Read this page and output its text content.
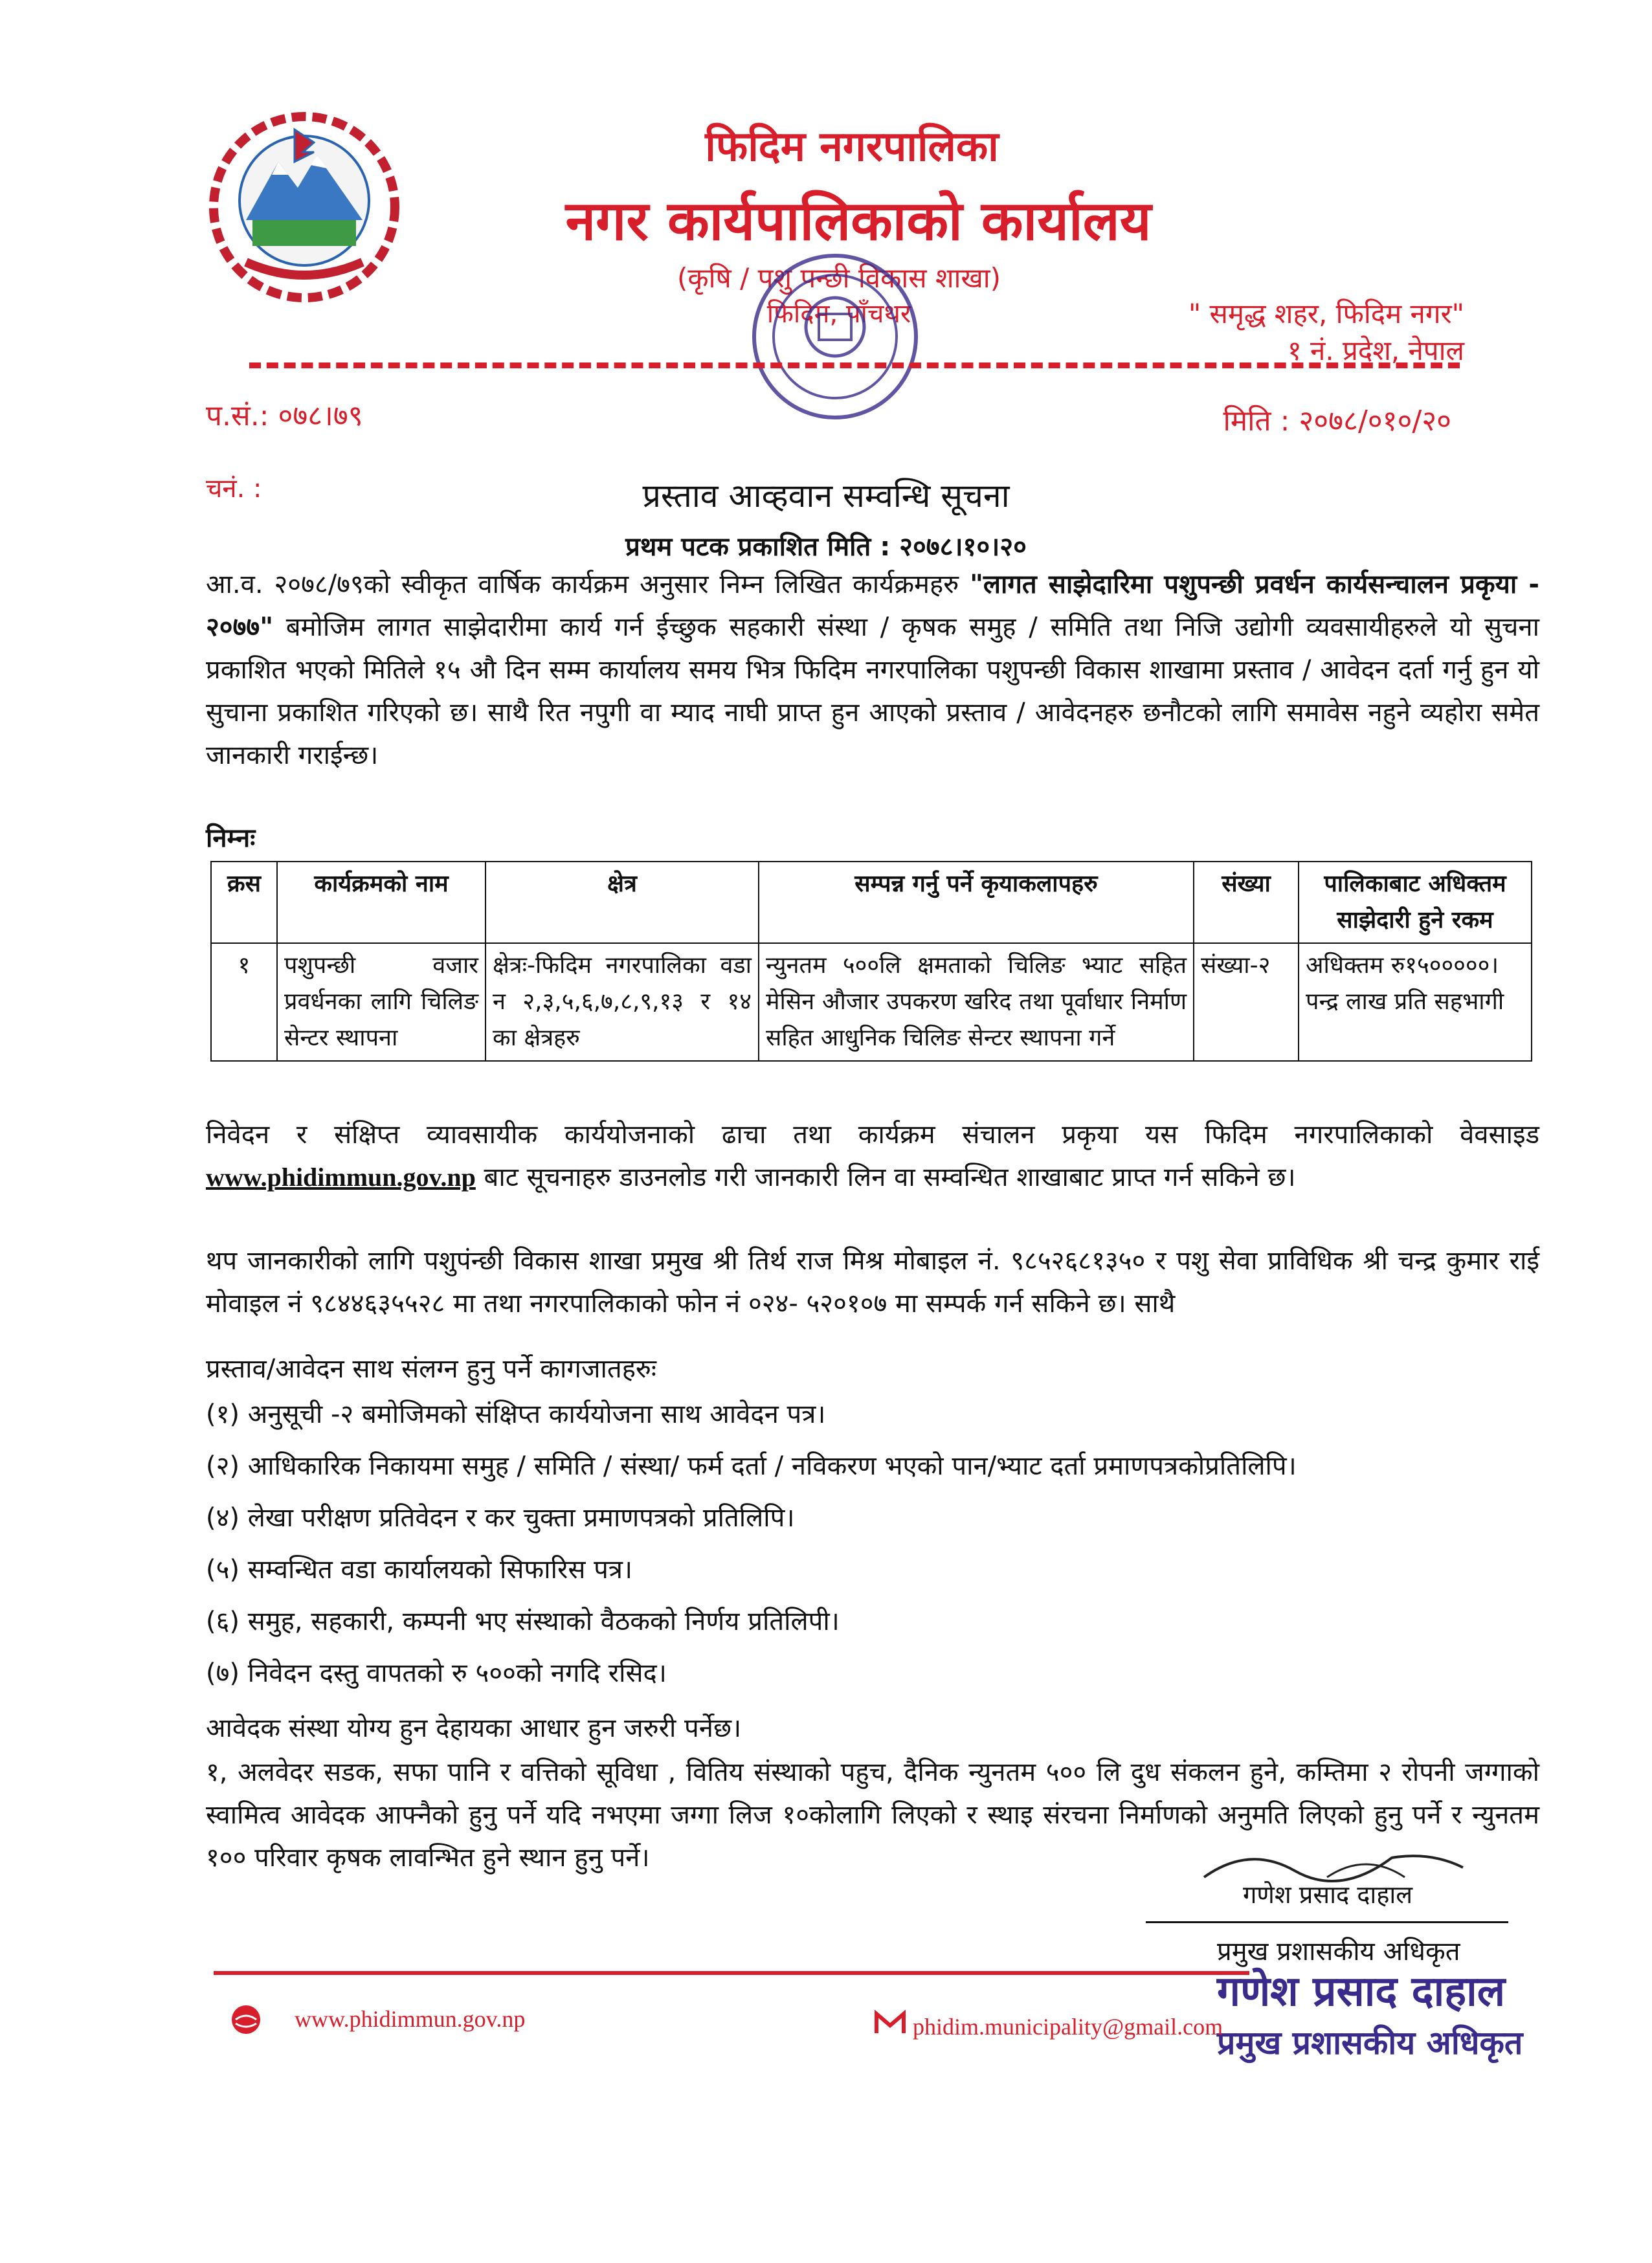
फिदिम नगरपालिका
नगर कार्यपालिकाको कार्यालय
(कृषि / पशु पन्छी विकास शाखा)
फिदिम, पाँचथर	" समृद्ध शहर, फिदिम नगर"
१ नं. प्रदेश, नेपाल
प.सं.: ०७८।७९	मिति : २०७८/०१०/२०
चनं. :	प्रस्ताव आव्हवान सम्वन्धि सूचना
प्रथम पटक प्रकाशित मिति : २०७८।१०।२०
आ.व. २०७८/७९को स्वीकृत वार्षिक कार्यक्रम अनुसार निम्न लिखित कार्यक्रमहरु "लागत साझेदारिमा पशुपन्छी प्रवर्धन कार्यसन्चालन प्रकृया - २०७७" बमोजिम लागत साझेदारीमा कार्य गर्न ईच्छुक सहकारी संस्था / कृषक समुह / समिति तथा निजि उद्योगी व्यवसायीहरुले यो सुचना प्रकाशित भएको मितिले १५ औ दिन सम्म कार्यालय समय भित्र फिदिम नगरपालिका पशुपन्छी विकास शाखामा प्रस्ताव / आवेदन दर्ता गर्नु हुन यो सुचाना प्रकाशित गरिएको छ। साथै रित नपुगी वा म्याद नाघी प्राप्त हुन आएको प्रस्ताव / आवेदनहरु छनौटको लागि समावेस नहुने व्यहोरा समेत जानकारी गराईन्छ।
निम्नः
क्रस	कार्यक्रमको नाम	क्षेत्र	सम्पन्न गर्नु पर्ने कृयाकलापहरु	संख्या	पालिकाबाट अधिक्तम साझेदारी हुने रकम
१	पशुपन्छी वजार प्रवर्धनका लागि चिलिङ सेन्टर स्थापना	क्षेत्रः-फिदिम नगरपालिका वडा न २,३,५,६,७,८,९,१३ र १४ का क्षेत्रहरु	न्युनतम ५००लि क्षमताको चिलिङ भ्याट सहित मेसिन औजार उपकरण खरिद तथा पूर्वाधार निर्माण सहित आधुनिक चिलिङ सेन्टर स्थापना गर्ने	संख्या-२	अधिक्तम रु१५०००००। पन्द्र लाख प्रति सहभागी
निवेदन र संक्षिप्त व्यावसायीक कार्ययोजनाको ढाचा तथा कार्यक्रम संचालन प्रकृया यस फिदिम नगरपालिकाको वेवसाइड www.phidimmun.gov.np बाट सूचनाहरु डाउनलोड गरी जानकारी लिन वा सम्वन्धित शाखाबाट प्राप्त गर्न सकिने छ।
थप जानकारीको लागि पशुपंन्छी विकास शाखा प्रमुख श्री तिर्थ राज मिश्र मोबाइल नं. ९८५२६८१३५० र पशु सेवा प्राविधिक श्री चन्द्र कुमार राई मोवाइल नं ९८४४६३५५२८ मा तथा नगरपालिकाको फोन नं ०२४- ५२०१०७ मा सम्पर्क गर्न सकिने छ। साथै
प्रस्ताव/आवेदन साथ संलग्न हुनु पर्ने कागजातहरुः
(१) अनुसूची -२ बमोजिमको संक्षिप्त कार्ययोजना साथ आवेदन पत्र।
(२) आधिकारिक निकायमा समुह / समिति / संस्था/ फर्म दर्ता / नविकरण भएको पान/भ्याट दर्ता प्रमाणपत्रकोप्रतिलिपि।
(४) लेखा परीक्षण प्रतिवेदन र कर चुक्ता प्रमाणपत्रको प्रतिलिपि।
(५) सम्वन्धित वडा कार्यालयको सिफारिस पत्र।
(६) समुह, सहकारी, कम्पनी भए संस्थाको वैठकको निर्णय प्रतिलिपी।
(७) निवेदन दस्तु वापतको रु ५००को नगदि रसिद।
आवेदक संस्था योग्य हुन देहायका आधार हुन जरुरी पर्नेछ।
१, अलवेदर सडक, सफा पानि र वत्तिको सूविधा , वितिय संस्थाको पहुच, दैनिक न्युनतम ५०० लि दुध संकलन हुने, कम्तिमा २ रोपनी जग्गाको स्वामित्व आवेदक आफ्नैको हुनु पर्ने यदि नभएमा जग्गा लिज १०कोलागि लिएको र स्थाइ संरचना निर्माणको अनुमति लिएको हुनु पर्ने र न्युनतम १०० परिवार कृषक लावन्भित हुने स्थान हुनु पर्ने।
गणेश प्रसाद दाहाल
प्रमुख प्रशासकीय अधिकृत
गणेश प्रसाद दाहाल
प्रमुख प्रशासकीय अधिकृत
www.phidimmun.gov.np	phidim.municipality@gmail.com
